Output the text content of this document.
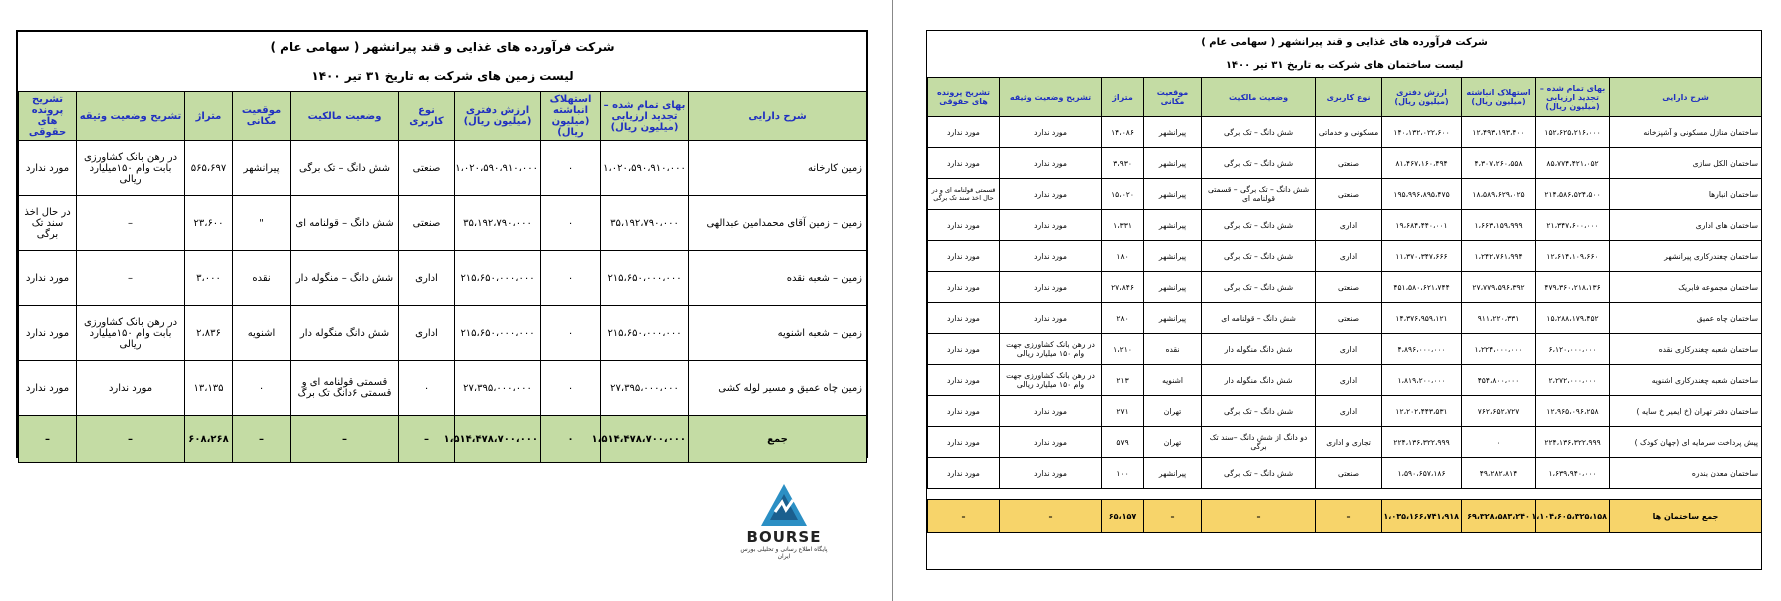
شرکت فرآورده های غذایی و قند پیرانشهر ( سهامی عام )									
لیست زمین های شرکت به تاریخ ۳۱ تیر ۱۴۰۰									
شرح دارایی	بهای تمام شده – تجدید ارزیابی (میلیون ریال)	استهلاک انباشته (میلیون ریال)	ارزش دفتری (میلیون ریال)	نوع کاربری	وضعیت مالکیت	موقعیت مکانی	متراژ	تشریح وضعیت وثیقه	تشریح پرونده های حقوقی
زمین کارخانه	۱،۰۲۰،۵۹۰،۹۱۰،۰۰۰	۰	۱،۰۲۰،۵۹۰،۹۱۰،۰۰۰	صنعتی	شش دانگ – تک برگی	پیرانشهر	۵۶۵،۶۹۷	در رهن بانک کشاورزی بابت وام ۱۵۰میلیارد ریالی	مورد ندارد
زمین – زمین آقای محمدامین عبدالهی	۳۵،۱۹۲،۷۹۰،۰۰۰	۰	۳۵،۱۹۲،۷۹۰،۰۰۰	صنعتی	شش دانگ – قولنامه ای	"	۲۳،۶۰۰	–	در حال اخذ سند تک برگی
زمین – شعبه نقده	۲۱۵،۶۵۰،۰۰۰،۰۰۰	۰	۲۱۵،۶۵۰،۰۰۰،۰۰۰	اداری	شش دانگ – منگوله دار	نقده	۳،۰۰۰	–	مورد ندارد
زمین – شعبه اشنویه	۲۱۵،۶۵۰،۰۰۰،۰۰۰	۰	۲۱۵،۶۵۰،۰۰۰،۰۰۰	اداری	شش دانگ منگوله دار	اشنویه	۲،۸۳۶	در رهن بانک کشاورزی بابت وام ۱۵۰میلیارد ریالی	مورد ندارد
زمین چاه عمیق و مسیر لوله کشی	۲۷،۳۹۵،۰۰۰،۰۰۰	۰	۲۷،۳۹۵،۰۰۰،۰۰۰	۰	قسمتی قولنامه ای و قسمتی ۶دانگ تک برگ	۰	۱۳،۱۳۵	مورد ندارد	مورد ندارد
جمع	۱،۵۱۴،۴۷۸،۷۰۰،۰۰۰	۰	۱،۵۱۴،۴۷۸،۷۰۰،۰۰۰	–	–	–	۶۰۸،۲۶۸	–	–
BOURSE
پایگاه اطلاع رسانی و تحلیلی بورس ایران
شرکت فرآورده های غذایی و قند پیرانشهر ( سهامی عام )									
لیست ساختمان های شرکت به تاریخ ۳۱ تیر ۱۴۰۰									
شرح دارایی	بهای تمام شده – تجدید ارزیابی (میلیون ریال)	استهلاک انباشته (میلیون ریال)	ارزش دفتری (میلیون ریال)	نوع کاربری	وضعیت مالکیت	موقعیت مکانی	متراژ	تشریح وضعیت وثیقه	تشریح پرونده های حقوقی
ساختمان منازل مسکونی و آشپزخانه	۱۵۲،۶۲۵،۲۱۶،۰۰۰	۱۲،۴۹۳،۱۹۳،۴۰۰	۱۴۰،۱۳۲،۰۲۲،۶۰۰	مسکونی و خدماتی	شش دانگ – تک برگی	پیرانشهر	۱۴،۰۸۶	مورد ندارد	مورد ندارد
ساختمان الکل سازی	۸۵،۷۷۴،۴۲۱،۰۵۲	۴،۳۰۷،۲۶۰،۵۵۸	۸۱،۴۶۷،۱۶۰،۴۹۴	صنعتی	شش دانگ – تک برگی	پیرانشهر	۳،۹۳۰	مورد ندارد	مورد ندارد
ساختمان انبارها	۲۱۴،۵۸۶،۵۲۴،۵۰۰	۱۸،۵۸۹،۶۲۹،۰۲۵	۱۹۵،۹۹۶،۸۹۵،۴۷۵	صنعتی	شش دانگ – تک برگی – قسمتی قولنامه ای	پیرانشهر	۱۵،۰۲۰	مورد ندارد	قسمتی قولنامه ای و در حال اخذ سند تک برگی
ساختمان های اداری	۲۱،۳۴۷،۶۰۰،۰۰۰	۱،۶۶۳،۱۵۹،۹۹۹	۱۹،۶۸۴،۴۴۰،۰۰۱	اداری	شش دانگ – تک برگی	پیرانشهر	۱،۳۳۱	مورد ندارد	مورد ندارد
ساختمان چغندرکاری پیرانشهر	۱۲،۶۱۴،۱۰۹،۶۶۰	۱،۲۴۲،۷۶۱،۹۹۴	۱۱،۳۷۰،۳۴۷،۶۶۶	اداری	شش دانگ – تک برگی	پیرانشهر	۱۸۰	مورد ندارد	مورد ندارد
ساختمان مجموعه فابریک	۴۷۹،۳۶۰،۲۱۸،۱۳۶	۲۷،۷۷۹،۵۹۶،۳۹۲	۴۵۱،۵۸۰،۶۲۱،۷۴۴	صنعتی	شش دانگ – تک برگی	پیرانشهر	۲۷،۸۴۶	مورد ندارد	مورد ندارد
ساختمان چاه عمیق	۱۵،۲۸۸،۱۷۹،۴۵۲	۹۱۱،۲۲۰،۳۳۱	۱۴،۳۷۶،۹۵۹،۱۲۱	صنعتی	شش دانگ – قولنامه ای	پیرانشهر	۲۸۰	مورد ندارد	مورد ندارد
ساختمان شعبه چغندرکاری نقده	۶،۱۲۰،۰۰۰،۰۰۰	۱،۲۲۴،۰۰۰،۰۰۰	۴،۸۹۶،۰۰۰،۰۰۰	اداری	شش دانگ منگوله دار	نقده	۱،۲۱۰	در رهن بانک کشاورزی جهت وام ۱۵۰ میلیارد ریالی	مورد ندارد
ساختمان شعبه چغندرکاری اشنویه	۲،۲۷۲،۰۰۰،۰۰۰	۴۵۴،۸۰۰،۰۰۰	۱،۸۱۹،۲۰۰،۰۰۰	اداری	شش دانگ منگوله دار	اشنویه	۲۱۳	در رهن بانک کشاورزی جهت وام ۱۵۰ میلیارد ریالی	مورد ندارد
ساختمان دفتر تهران (خ ایمیر خ سایه )	۱۲،۹۶۵،۰۹۶،۲۵۸	۷۶۲،۶۵۲،۷۲۷	۱۲،۲۰۲،۴۴۳،۵۳۱	اداری	شش دانگ – تک برگی	تهران	۲۷۱	مورد ندارد	مورد ندارد
پیش پرداخت سرمایه ای (جهان کودک )	۲۲۴،۱۳۶،۳۲۲،۹۹۹	۰	۲۲۴،۱۳۶،۳۲۲،۹۹۹	تجاری و اداری	دو دانگ از شش دانگ –سند تک برگی	تهران	۵۷۹	مورد ندارد	مورد ندارد
ساختمان معدن بندره	۱،۶۳۹،۹۴۰،۰۰۰	۴۹،۲۸۲،۸۱۴	۱،۵۹۰،۶۵۷،۱۸۶	صنعتی	شش دانگ – تک برگی	پیرانشهر	۱۰۰	مورد ندارد	مورد ندارد

جمع ساختمان ها	۱،۱۰۴،۶۰۵،۳۲۵،۱۵۸	۶۹،۳۲۸،۵۸۳،۲۴۰	۱،۰۳۵،۱۶۶،۷۴۱،۹۱۸	–	–	–	۶۵،۱۵۷	–	–
